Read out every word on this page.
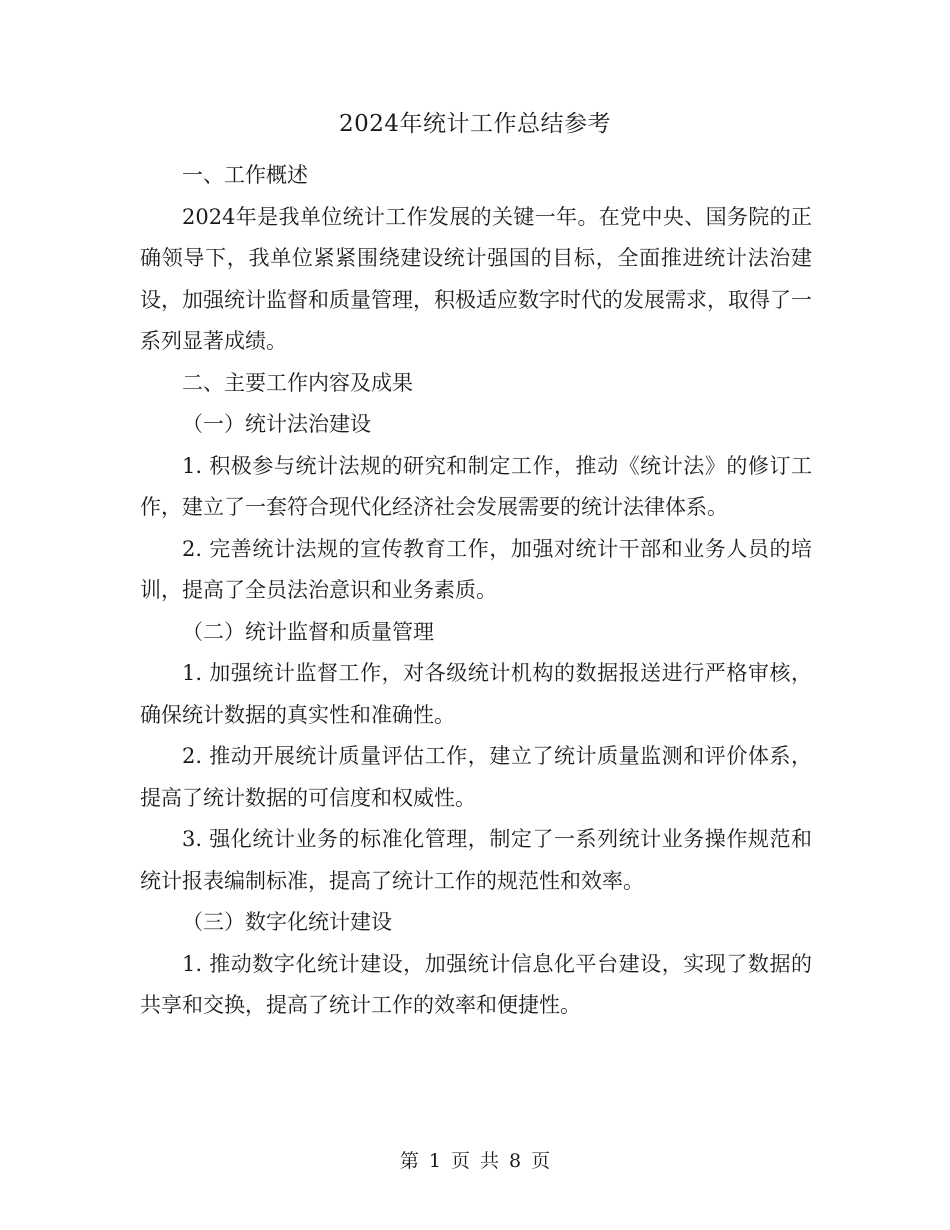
2024年统计工作总结参考

一、工作概述

2024年是我单位统计工作发展的关键一年。在党中央、国务院的正确领导下，我单位紧紧围绕建设统计强国的目标，全面推进统计法治建设，加强统计监督和质量管理，积极适应数字时代的发展需求，取得了一系列显著成绩。

二、主要工作内容及成果

（一）统计法治建设

1. 积极参与统计法规的研究和制定工作，推动《统计法》的修订工作，建立了一套符合现代化经济社会发展需要的统计法律体系。

2. 完善统计法规的宣传教育工作，加强对统计干部和业务人员的培训，提高了全员法治意识和业务素质。

（二）统计监督和质量管理

1. 加强统计监督工作，对各级统计机构的数据报送进行严格审核，确保统计数据的真实性和准确性。

2. 推动开展统计质量评估工作，建立了统计质量监测和评价体系，提高了统计数据的可信度和权威性。

3. 强化统计业务的标准化管理，制定了一系列统计业务操作规范和统计报表编制标准，提高了统计工作的规范性和效率。

（三）数字化统计建设

1. 推动数字化统计建设，加强统计信息化平台建设，实现了数据的共享和交换，提高了统计工作的效率和便捷性。

第 1 页 共 8 页
